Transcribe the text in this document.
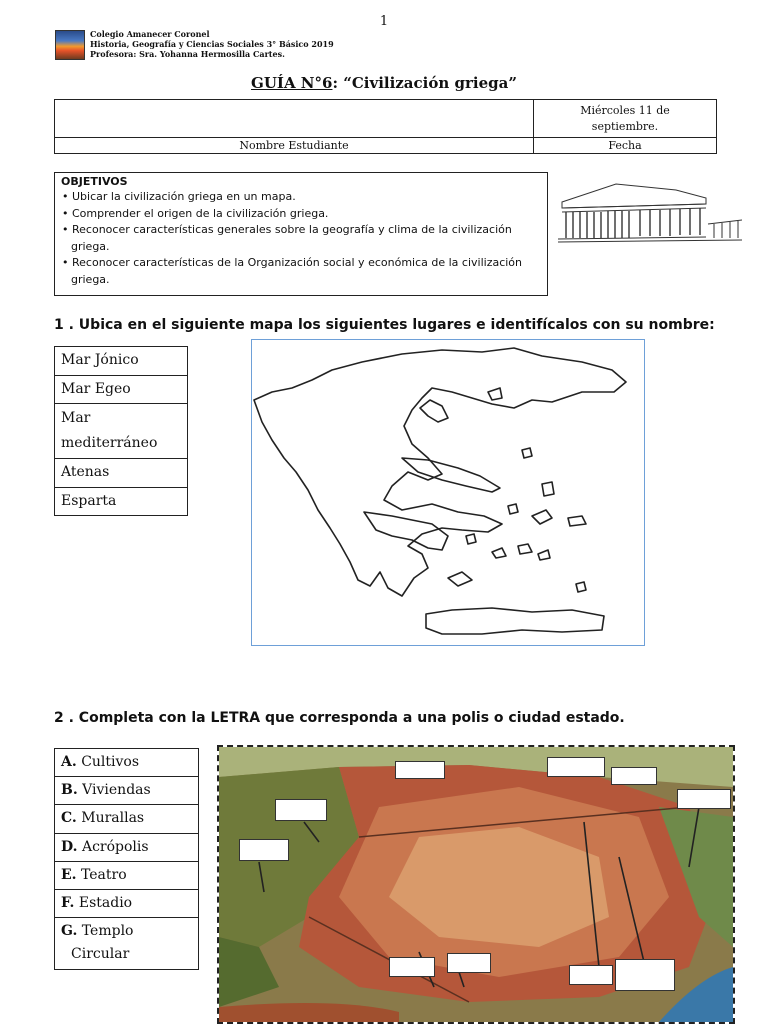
1
Colegio Amanecer Coronel
Historia, Geografía y Ciencias Sociales 3° Básico 2019
Profesora: Sra. Yohanna Hermosilla Cartes.
GUÍA N°6: “Civilización griega”

	Miércoles 11 de
septiembre.

Nombre Estudiante	Fecha
OBJETIVOS
• Ubicar la civilización griega en un mapa.
• Comprender el origen de la civilización griega.
• Reconocer características generales sobre la geografía y clima de la civilización griega.
• Reconocer características de la Organización social y económica de la civilización griega.
1 . Ubica en el siguiente mapa los siguientes lugares e identifícalos con su nombre:
Mar Jónico
Mar Egeo

Mar
mediterráneo

Atenas
Esparta
2 . Completa con la LETRA que corresponda a una polis o ciudad estado.
A. Cultivos
B. Viviendas
C. Murallas
D. Acrópolis
E. Teatro
F. Estadio

G. Templo
Circular
